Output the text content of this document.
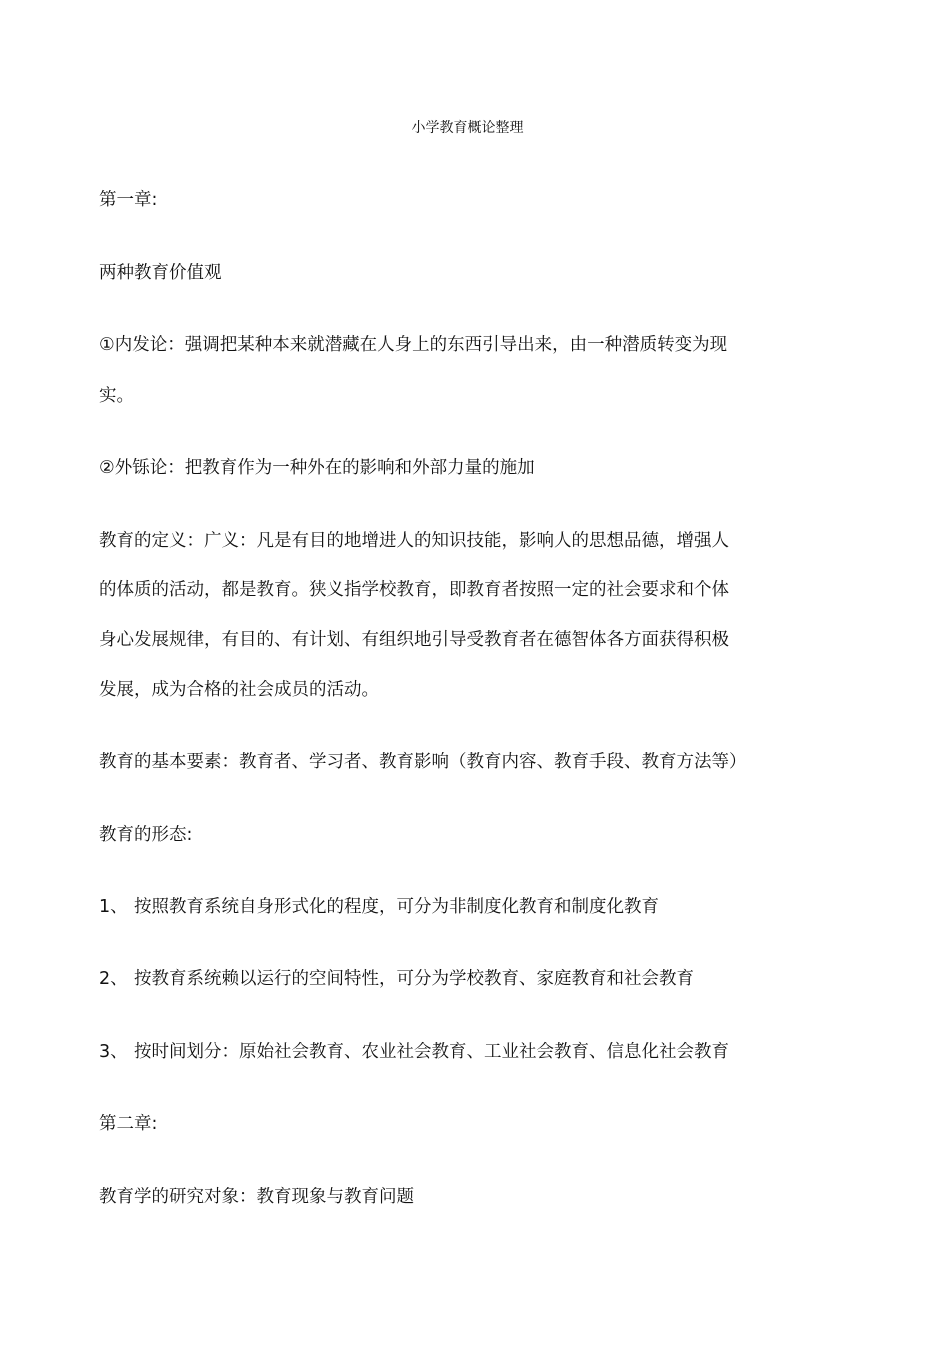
小学教育概论整理

第一章:

两种教育价值观

①内发论：强调把某种本来就潜藏在人身上的东西引导出来，由一种潜质转变为现

实。

②外铄论：把教育作为一种外在的影响和外部力量的施加

教育的定义：广义：凡是有目的地增进人的知识技能，影响人的思想品德，增强人

的体质的活动，都是教育。狭义指学校教育，即教育者按照一定的社会要求和个体

身心发展规律，有目的、有计划、有组织地引导受教育者在德智体各方面获得积极

发展，成为合格的社会成员的活动。

教育的基本要素：教育者、学习者、教育影响（教育内容、教育手段、教育方法等）

教育的形态:

1、 按照教育系统自身形式化的程度，可分为非制度化教育和制度化教育

2、 按教育系统赖以运行的空间特性，可分为学校教育、家庭教育和社会教育

3、 按时间划分：原始社会教育、农业社会教育、工业社会教育、信息化社会教育

第二章:

教育学的研究对象：教育现象与教育问题
